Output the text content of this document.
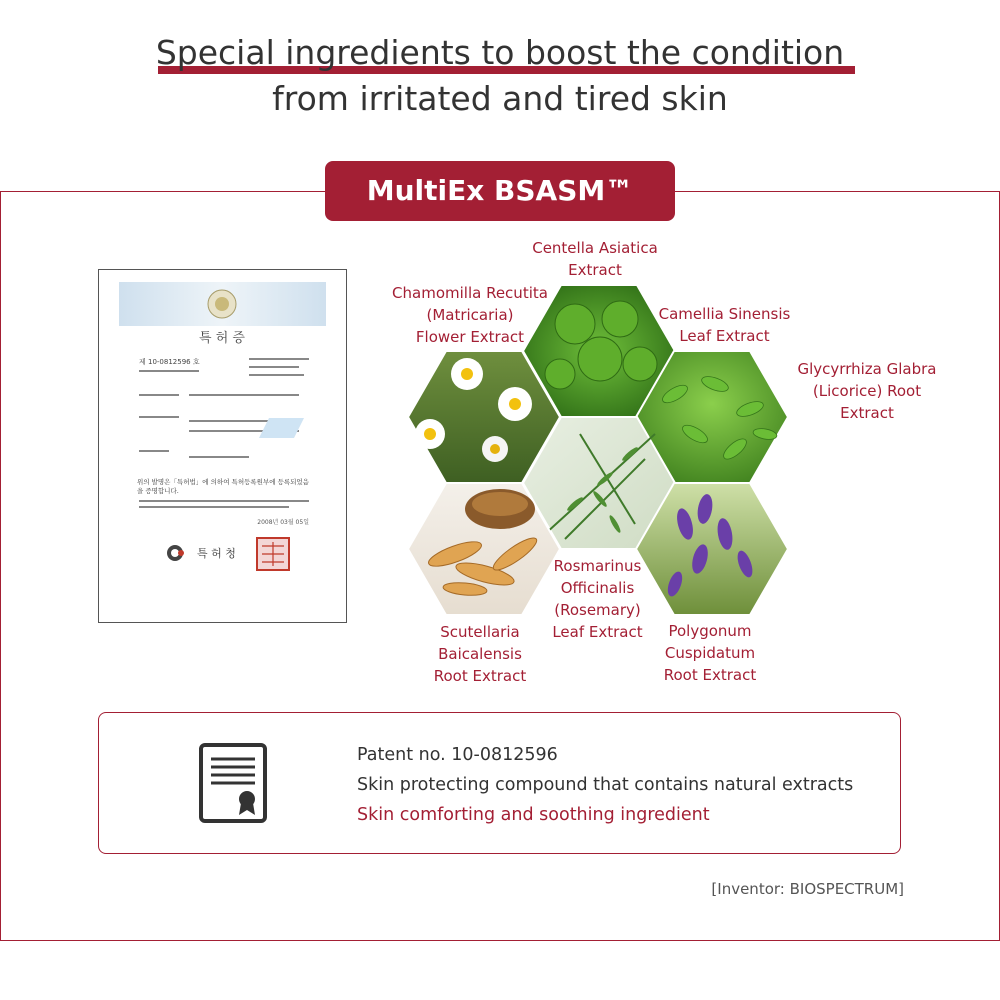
Special ingredients to boost the condition
from irritated and tired skin
MultiEx BSASM™
특 허 증
제 10-0812596 호
위의 발명은「특허법」에 의하여 특허등록원부에 등록되었음을 증명합니다.
2008년 03월 05일
특 허 청
Centella Asiatica
Extract
Chamomilla Recutita
(Matricaria)
Flower Extract
Camellia Sinensis
Leaf Extract
Glycyrrhiza Glabra
(Licorice) Root Extract
Rosmarinus
Officinalis
(Rosemary)
Leaf Extract
Scutellaria
Baicalensis
Root Extract
Polygonum
Cuspidatum
Root Extract
Patent no. 10-0812596
Skin protecting compound that contains natural extracts
Skin comforting and soothing ingredient
[Inventor: BIOSPECTRUM]
